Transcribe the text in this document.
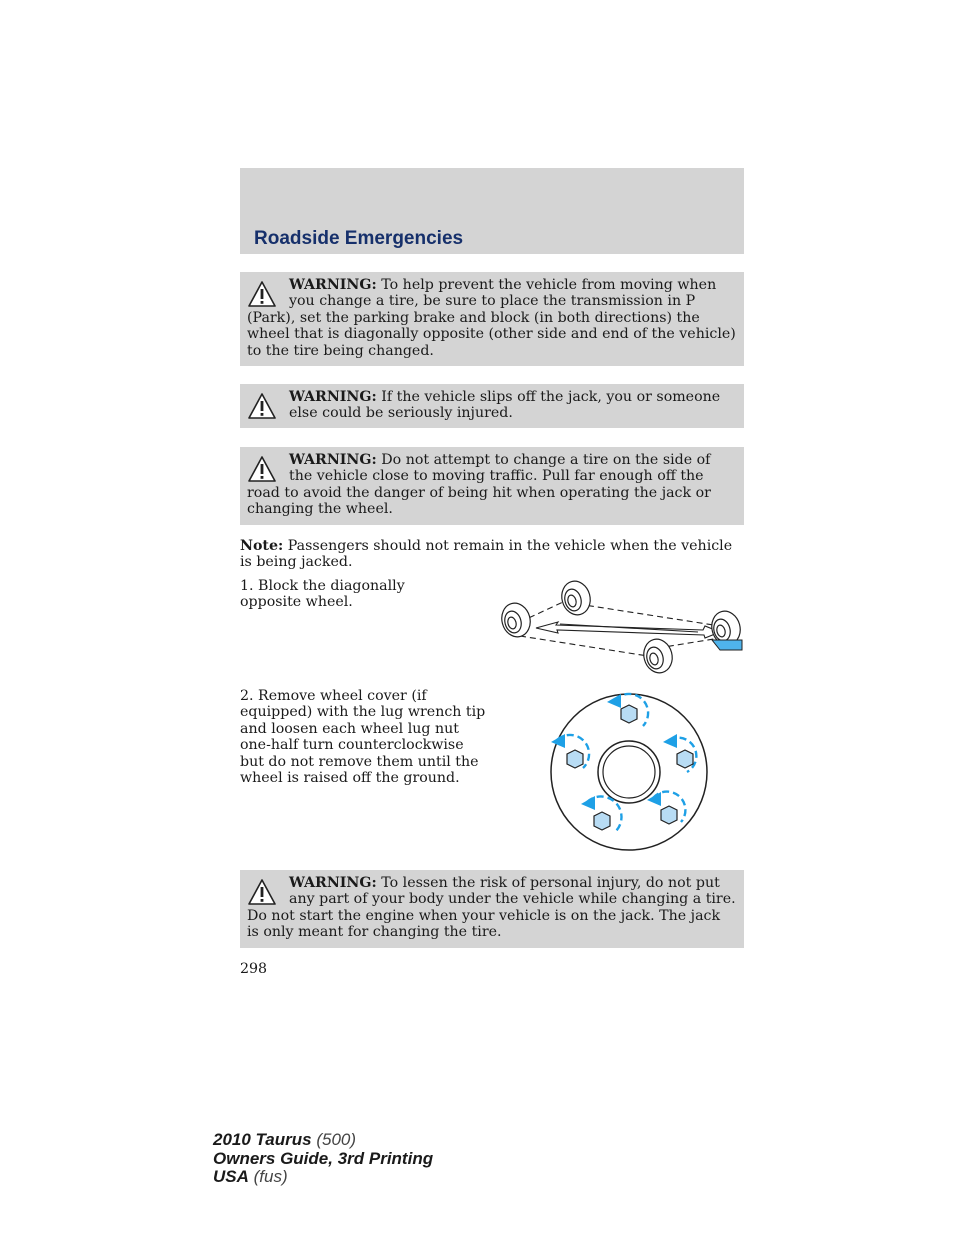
Roadside Emergencies
WARNING: To help prevent the vehicle from moving when you change a tire, be sure to place the transmission in P (Park), set the parking brake and block (in both directions) the wheel that is diagonally opposite (other side and end of the vehicle) to the tire being changed.
WARNING: If the vehicle slips off the jack, you or someone else could be seriously injured.
WARNING: Do not attempt to change a tire on the side of the vehicle close to moving traffic. Pull far enough off the road to avoid the danger of being hit when operating the jack or changing the wheel.
Note: Passengers should not remain in the vehicle when the vehicle is being jacked.
1. Block the diagonally opposite wheel.
2. Remove wheel cover (if equipped) with the lug wrench tip and loosen each wheel lug nut one-half turn counterclockwise but do not remove them until the wheel is raised off the ground.
WARNING: To lessen the risk of personal injury, do not put any part of your body under the vehicle while changing a tire. Do not start the engine when your vehicle is on the jack. The jack is only meant for changing the tire.
298
2010 Taurus (500)
Owners Guide, 3rd Printing
USA (fus)
